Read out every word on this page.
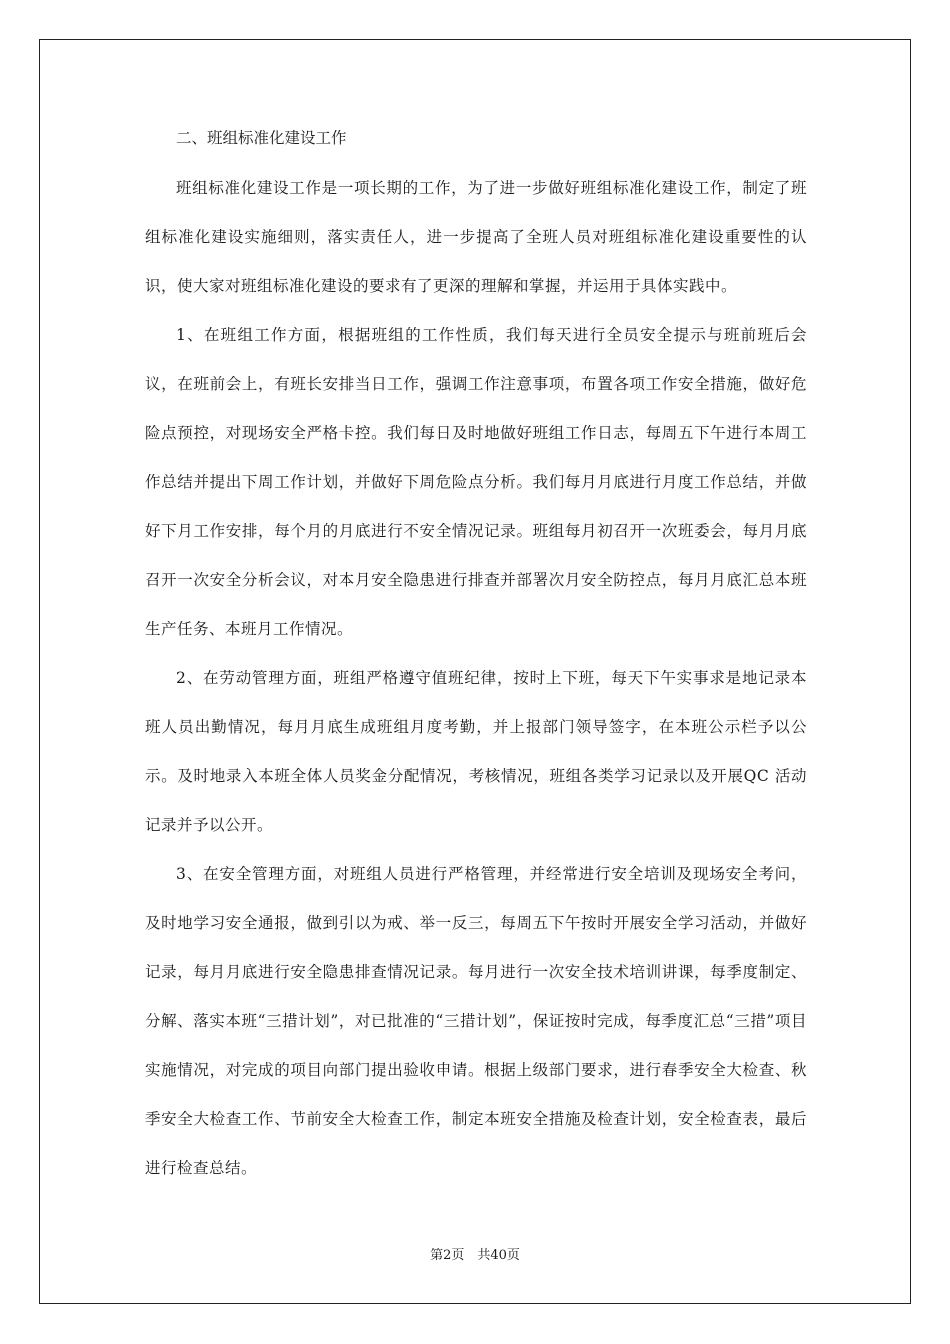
二、班组标准化建设工作

班组标准化建设工作是一项长期的工作，为了进一步做好班组标准化建设工作，制定了班组标准化建设实施细则，落实责任人，进一步提高了全班人员对班组标准化建设重要性的认识，使大家对班组标准化建设的要求有了更深的理解和掌握，并运用于具体实践中。

1、在班组工作方面，根据班组的工作性质，我们每天进行全员安全提示与班前班后会议，在班前会上，有班长安排当日工作，强调工作注意事项，布置各项工作安全措施，做好危险点预控，对现场安全严格卡控。我们每日及时地做好班组工作日志，每周五下午进行本周工作总结并提出下周工作计划，并做好下周危险点分析。我们每月月底进行月度工作总结，并做好下月工作安排，每个月的月底进行不安全情况记录。班组每月初召开一次班委会，每月月底召开一次安全分析会议，对本月安全隐患进行排查并部署次月安全防控点，每月月底汇总本班生产任务、本班月工作情况。

2、在劳动管理方面，班组严格遵守值班纪律，按时上下班，每天下午实事求是地记录本班人员出勤情况，每月月底生成班组月度考勤，并上报部门领导签字，在本班公示栏予以公示。及时地录入本班全体人员奖金分配情况，考核情况，班组各类学习记录以及开展QC 活动记录并予以公开。

3、在安全管理方面，对班组人员进行严格管理，并经常进行安全培训及现场安全考问，及时地学习安全通报，做到引以为戒、举一反三，每周五下午按时开展安全学习活动，并做好记录，每月月底进行安全隐患排查情况记录。每月进行一次安全技术培训讲课，每季度制定、分解、落实本班“三措计划”，对已批准的“三措计划”，保证按时完成，每季度汇总“三措”项目实施情况，对完成的项目向部门提出验收申请。根据上级部门要求，进行春季安全大检查、秋季安全大检查工作、节前安全大检查工作，制定本班安全措施及检查计划，安全检查表，最后进行检查总结。

第2页　共40页
